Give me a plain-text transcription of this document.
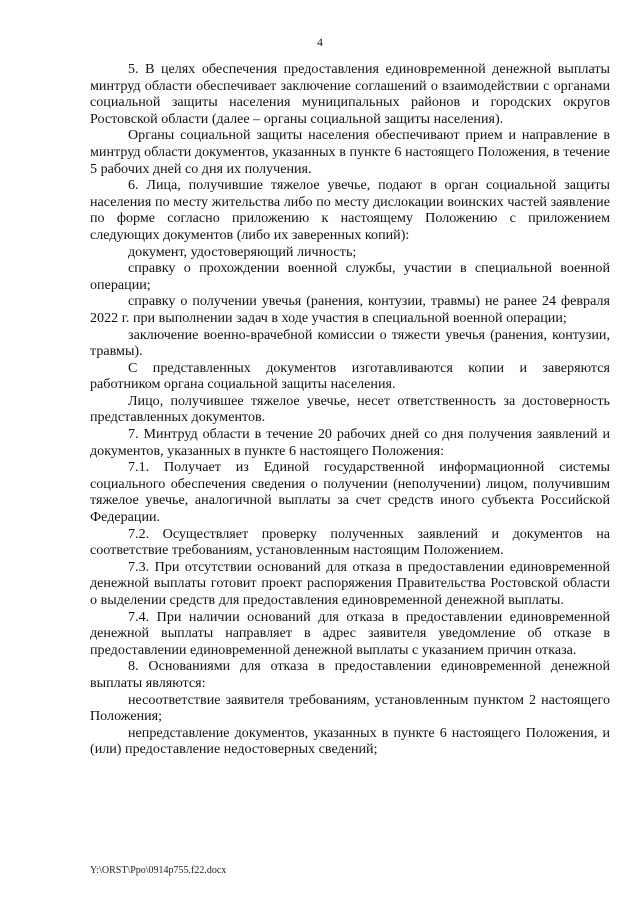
4

5. В целях обеспечения предоставления единовременной денежной выплаты минтруд области обеспечивает заключение соглашений о взаимодействии с органами социальной защиты населения муниципальных районов и городских округов Ростовской области (далее – органы социальной защиты населения).

Органы социальной защиты населения обеспечивают прием и направление в минтруд области документов, указанных в пункте 6 настоящего Положения, в течение 5 рабочих дней со дня их получения.

6. Лица, получившие тяжелое увечье, подают в орган социальной защиты населения по месту жительства либо по месту дислокации воинских частей заявление по форме согласно приложению к настоящему Положению с приложением следующих документов (либо их заверенных копий):

документ, удостоверяющий личность;

справку о прохождении военной службы, участии в специальной военной операции;

справку о получении увечья (ранения, контузии, травмы) не ранее 24 февраля 2022 г. при выполнении задач в ходе участия в специальной военной операции;

заключение военно-врачебной комиссии о тяжести увечья (ранения, контузии, травмы).

С представленных документов изготавливаются копии и заверяются работником органа социальной защиты населения.

Лицо, получившее тяжелое увечье, несет ответственность за достоверность представленных документов.

7. Минтруд области в течение 20 рабочих дней со дня получения заявлений и документов, указанных в пункте 6 настоящего Положения:

7.1. Получает из Единой государственной информационной системы социального обеспечения сведения о получении (неполучении) лицом, получившим тяжелое увечье, аналогичной выплаты за счет средств иного субъекта Российской Федерации.

7.2. Осуществляет проверку полученных заявлений и документов на соответствие требованиям, установленным настоящим Положением.

7.3. При отсутствии оснований для отказа в предоставлении единовременной денежной выплаты готовит проект распоряжения Правительства Ростовской области о выделении средств для предоставления единовременной денежной выплаты.

7.4. При наличии оснований для отказа в предоставлении единовременной денежной выплаты направляет в адрес заявителя уведомление об отказе в предоставлении единовременной денежной выплаты с указанием причин отказа.

8. Основаниями для отказа в предоставлении единовременной денежной выплаты являются:

несоответствие заявителя требованиям, установленным пунктом 2 настоящего Положения;

непредставление документов, указанных в пункте 6 настоящего Положения, и (или) предоставление недостоверных сведений;

Y:\ORST\Ppo\0914p755.f22.docx
